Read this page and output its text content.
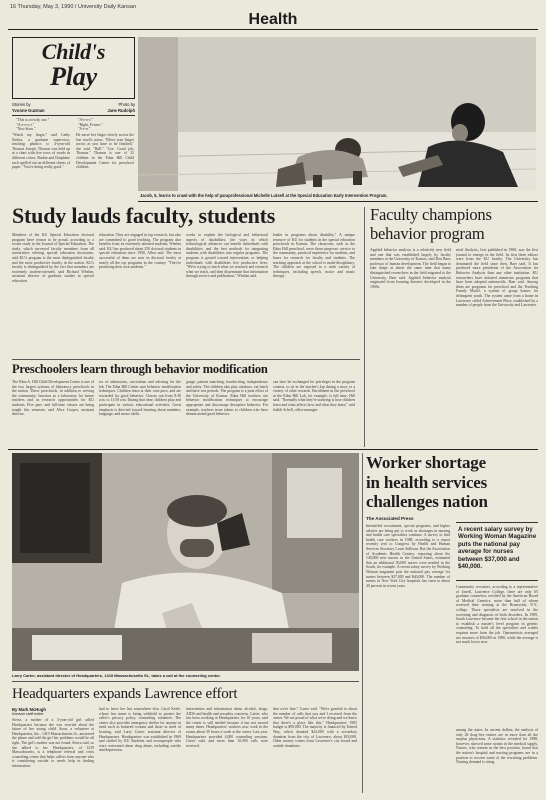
16 Thursday, May 3, 1990 / University Daily Kansan
Health
Child's
Play
Stories by
Yvonne Guzman
Photo by
Jane Rudolph
"This is a tricky one."
"A-o-o-o-t."
"Now Sean."
"A-o-o-t."
"Right, Fenner."
"S-e-a."
"Watch my finger," said Cathy Stokes, a graduate supervisor, teaching phonics to 4-year-old Thomas Joseph. Thomas was held up at a chart with five rows of words in different colors. Barbie and Dauphine each spelled out on different sheets of paper. "You're doing really good."
He move her finger slowly across the last word's arrow. "Move your finger across as you have to be finished," she said. "Ball." "Got. Good job, Thomas." Thomas is one of 32 children in the Edna Hill Child Development Center for preschool children.
Jacob, 5, learns to crawl with the help of paraprofessional Michelle Lutsell at the Special Education Early Intervention Program.
Study lauds faculty, students
Members of the KU Special Education doctoral program have reason to be proud, according to a recent study in the Journal of Special Education. The study, which surveyed faculty members from all universities offering special education doctorates, said KU's program is the most distinguished faculty and the most productive faculty in the nation. KU's faculty is distinguished by the fact that members are extremely student-oriented, said Richard Whelan, assistant director of graduate studies in special education.
education. They are engaged in top research, but also are committed to good teaching. The program also benefits from its extremely talented students, Whelan said. KU has produced about 250 doctoral students in special education since 1958, Allen said. The most successful of them are now in doctoral faculty at nearly all the top programs in the country. "They're producing their own students."
works to explain the biological and behavioral aspects of disabilities, the ways in which technological advances can benefit individuals with disabilities, and the best methods for integrating students with disabilities into regular programs. The program is geared toward intervention, or helping individuals with disabilities live productive lives. "We're trying to teach what we research and research what we teach, and then disseminate that information through service and publication," Whelan said.
leader in programs about disability." A unique resource of KU for students in the special education preschools in Kansas. The classroom, such as the Edna Hill preschool, serve those purposes: service to the community, practical experience for students, and bases for research for faculty and students. The teaching approach at the school is multi-disciplinary. The children are exposed to a wide variety of techniques, including speech, motor and music therapy.
Preschoolers learn through behavior modification
The Edna A. Hill Child Development Center is one of the two largest systems of laboratory preschools in the nation. These preschools, in addition to serving the community, function as a laboratory for future teachers and as research opportunities for KU students. Five part- and full-time classes are being taught this semester, said Alice Cooper, assistant director.
tor of admissions, curriculum and advising for the lab. The Edna Hill Center uses behavior modification techniques. Children learn at their own pace, and are rewarded for good behavior. Classes run from 8:30 a.m. to 11:50 a.m. During that time, children play and participate in various educational activities. Great emphasis is directed toward learning about numbers, language, and motor skills.
guage, pattern matching, handwriting, independence and safety. The children also play outdoors, eat lunch and have rest periods. The program is a joint effort of the University of Kansas. Edna Hill teachers use behavior modification techniques to encourage appropriate and discourage disruptive behavior. For example, teachers issue tokens to children who have demonstrated good behavior.
can later be exchanged for privileges in the program context, to sit in the teacher's lap during a story or a variety of other rewards. Enrollment in the preschool at the Edna Hill Lab, for example, is full time. Hill said. "Normally what they're studying is how children learn and what affects how and what they learn," said Judith Schell, office manager.
Faculty champions
behavior program
Applied behavior analysis is a relatively new field and one that was established largely by faculty members at the University of Kansas, said Don Baer, professor of human development. The field began to take shape at about the same time that many distinguished researchers in the field migrated to the University, Baer said. Applied behavior analysis originated from learning theories developed in the 1960s.
nical Analysis, first published in 1968, was the first journal to emerge in the field. Its first three editors were from the KU faculty. The University has dominated the field since then, Baer said. It has produced more presidents of the Association for Behavior Analysis than any other institution. KU researchers have initiated numerous programs that have been adopted nationwide, Baer said. Among them are programs for preschool and the Teaching Family Model, a system of group homes for delinquent youth. The system came from a home in Lawrence called Achievement Place, established by a number of people from the University and Lawrence.
Larry Carter, assistant director of Headquarters, 1419 Massachusetts St., takes a call at the counseling center.
Worker shortage
in health services
challenges nation
The Associated Press
Intensified recruitment, special programs, and higher salaries are being put to work as shortages in nursing and health care specialties continue. A survey to find health care workers in 1988, according to a report recently sent to Congress by Health and Human Services Secretary Louis Sullivan. But the Association of Academic Health Centers, reporting about the 140,000 new nurses in the United States, estimated that an additional 50,000 nurses were needed in the South, for example. A recent salary survey by Working Woman magazine puts the national pay average for nurses between $37,000 and $40,000. The number of nurses in New York City hospitals has risen to about 40 percent in recent years.
A recent salary survey by Working Woman Magazine puts the national pay average for nurses between $37,000 and $40,000.
Community recruiters, according to a representative of Jarrell, Lawrence College, there are only 65 graduate counselors certified by the American Board of Medical Genetics, more than half of whom received their training at the Brunswick, N.Y., college. Those specialists are involved in the screening and diagnosis of birth disorders. In 1989, Sarah Lawrence became the first school in the nation to establish a master's level program in genetic counseling. To hold all the specialties and credits requires more from the job. Optometrists averaged net incomes of $56,000 in 1986, while the average is not much lower now.
among the states. In current dollars, the analysts of only 28 drug-free entries are in more than all the surplus physicians. A statistics revealed for 1988, however, showed some strains in the medical supply. Nurses, who remain in the best position, found that the nation's hospital and nursing programs are in a position to recover some of the recruiting problems. Nursing demand is rising.
Headquarters expands Lawrence effort
By Mark McHugh
Kansan staff writer
Sierra, a mother of a 3-year-old girl called Headquarters because she was worried about the future of her young child. Soon, a volunteer at Headquarters, Inc., 1419 Massachusetts St., answered the phone and told the girl her problems would be all right. The girl's mother was not found, Sierra said, so she talked to her. Headquarters, of 1419 Massachusetts, is a telephone referral and crisis counseling center that helps callers from anyone who is considering suicide or needs help in finding information.
had to leave her last somewhere else, Carol Keele, whose last name is being withheld to protect the caller's privacy policy, counseling volunteer. The center also provides emergency shelter for anyone in need such as battered women and those in need of housing, said Larry Carter, assistant director of Headquarters. Headquarters was established in 1969 and staffed by KU Students and townspeople who were concerned about drug abuse, including suicide and depression.
intervention and information about alcohol, drugs, AIDS and health and sexuality concerns. Carter, who has been working at Headquarters for 10 years, said the center is still needed because it has not moved many times. Headquarters' workers now work in the rooms about 30 hours a week at the center. Last year, Headquarters provided 4,000 counseling sessions, Carter said, and more than 10,000 calls were received.
that we're fine," Carter said. "We're grateful to about the number of calls that you and I received from the center. We are proud of what we're doing and we know that there's a place like this." Headquarters' 1985 budget is $90,000. The majority is financed by United Way, which donated $24,000 with a secondary donation from the city of Lawrence, about $19,000. Other money comes from Lawrence's city board and outside donations.
